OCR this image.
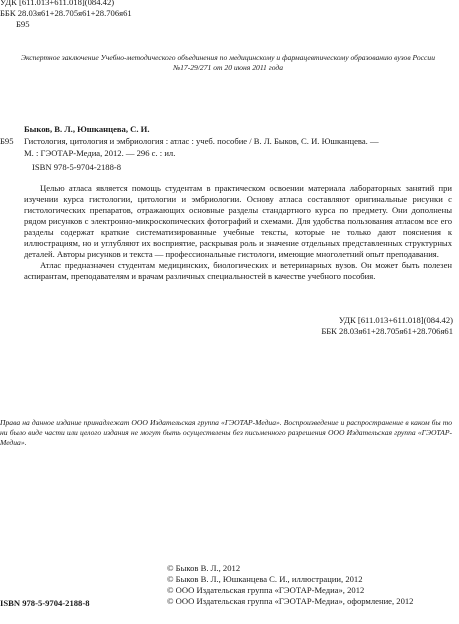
УДК [611.013+611.018](084.42)
ББК 28.03я61+28.705я61+28.706я61
Б95
Экспертное заключение Учебно-методического объединения по медицинскому и фармацевтическому образованию вузов России №17-29/271 от 20 июня 2011 года
Быков, В. Л., Юшканцева, С. И.
Б95 Гистология, цитология и эмбриология : атлас : учеб. пособие / В. Л. Быков, С. И. Юшканцева. —
М. : ГЭОТАР-Медиа, 2012. — 296 с. : ил.
ISBN 978-5-9704-2188-8

Целью атласа является помощь студентам в практическом освоении материала лабораторных занятий при изучении курса гистологии, цитологии и эмбриологии. Основу атласа составляют оригинальные рисунки с гистологических препаратов, отражающих основные разделы стандартного курса по предмету. Они дополнены рядом рисунков с электронно-микроскопических фотографий и схемами. Для удобства пользования атласом все его разделы содержат краткие систематизированные учебные тексты, которые не только дают пояснения к иллюстрациям, но и углубляют их восприятие, раскрывая роль и значение отдельных представленных структурных деталей. Авторы рисунков и текста — профессиональные гистологи, имеющие многолетний опыт преподавания.

Атлас предназначен студентам медицинских, биологических и ветеринарных вузов. Он может быть полезен аспирантам, преподавателям и врачам различных специальностей в качестве учебного пособия.

УДК [611.013+611.018](084.42)
ББК 28.03я61+28.705я61+28.706я61
Права на данное издание принадлежат ООО Издательская группа «ГЭОТАР-Медиа». Воспроизведение и распространение в каком бы то ни было виде части или целого издания не могут быть осуществлены без письменного разрешения ООО Издательская группа «ГЭОТАР-Медиа».
ISBN 978-5-9704-2188-8
© Быков В. Л., 2012
© Быков В. Л., Юшканцева С. И., иллюстрации, 2012
© ООО Издательская группа «ГЭОТАР-Медиа», 2012
© ООО Издательская группа «ГЭОТАР-Медиа», оформление, 2012
